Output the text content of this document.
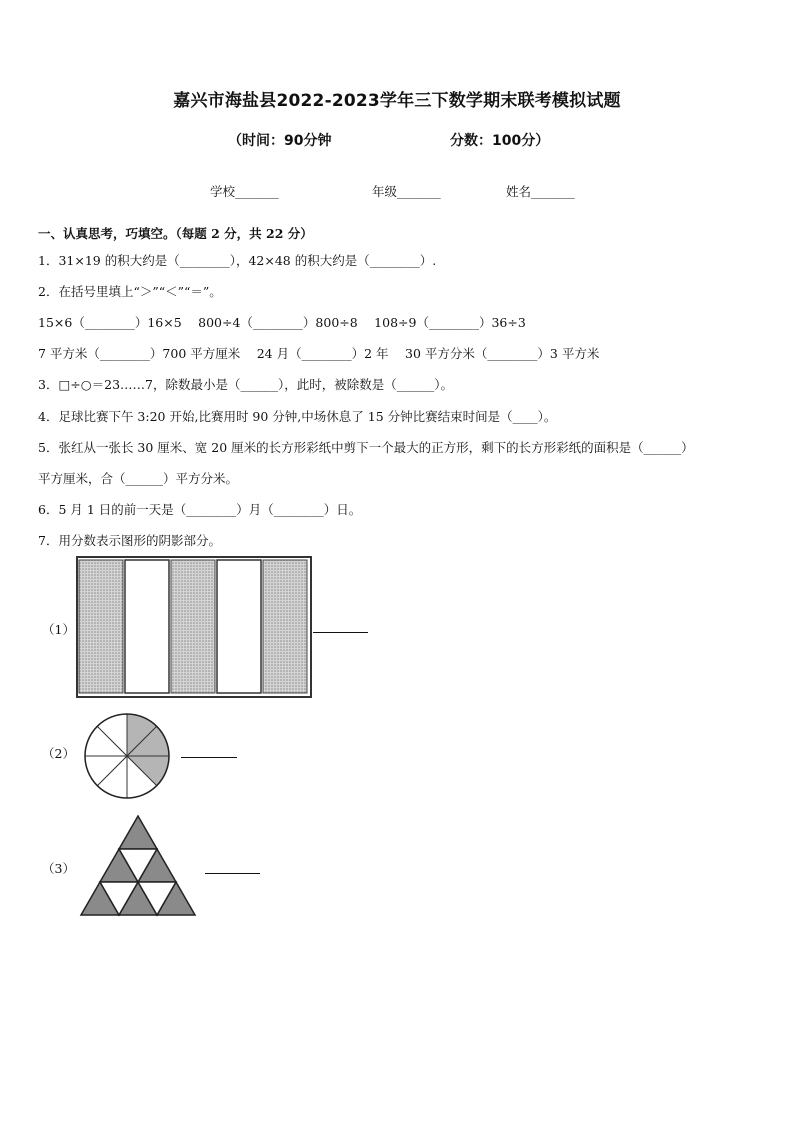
嘉兴市海盐县2022-2023学年三下数学期末联考模拟试题
（时间：90分钟	分数：100分）
学校_______	年级_______	姓名_______
一、认真思考，巧填空。（每题 2 分，共 22 分）
1．31×19 的积大约是（________），42×48 的积大约是（________）.
2．在括号里填上“＞”“＜”“＝”。
15×6（________）16×5　 800÷4（________）800÷8　 108÷9（________）36÷3
7 平方米（________）700 平方厘米　 24 月（________）2 年　 30 平方分米（________）3 平方米
3．□÷○＝23……7，除数最小是（______），此时，被除数是（______）。
4．足球比赛下午 3:20 开始,比赛用时 90 分钟,中场休息了 15 分钟比赛结束时间是（____）。
5．张红从一张长 30 厘米、宽 20 厘米的长方形彩纸中剪下一个最大的正方形，剩下的长方形彩纸的面积是（______）
平方厘米，合（______）平方分米。
6．5 月 1 日的前一天是（________）月（________）日。
7．用分数表示图形的阴影部分。
（1）
（2）
（3）
